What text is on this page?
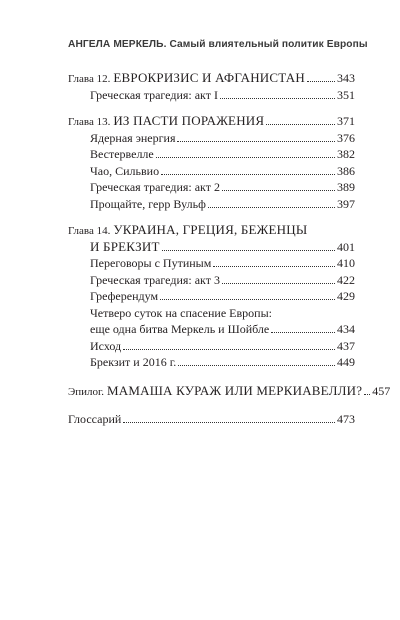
АНГЕЛА МЕРКЕЛЬ. Самый влиятельный политик Европы
Глава 12. ЕВРОКРИЗИС И АФГАНИСТАН	343
Греческая трагедия: акт I	351
Глава 13. ИЗ ПАСТИ ПОРАЖЕНИЯ	371
Ядерная энергия	376
Вестервелле	382
Чао, Сильвио	386
Греческая трагедия: акт 2	389
Прощайте, герр Вульф	397
Глава 14. УКРАИНА, ГРЕЦИЯ, БЕЖЕНЦЫ
И БРЕКЗИТ	401
Переговоры с Путиным	410
Греческая трагедия: акт 3	422
Греферендум	429
Четверо суток на спасение Европы:
еще одна битва Меркель и Шойбле	434
Исход	437
Брекзит и 2016 г.	449
Эпилог. МАМАША КУРАЖ ИЛИ МЕРКИАВЕЛЛИ? 457
Глоссарий	473
